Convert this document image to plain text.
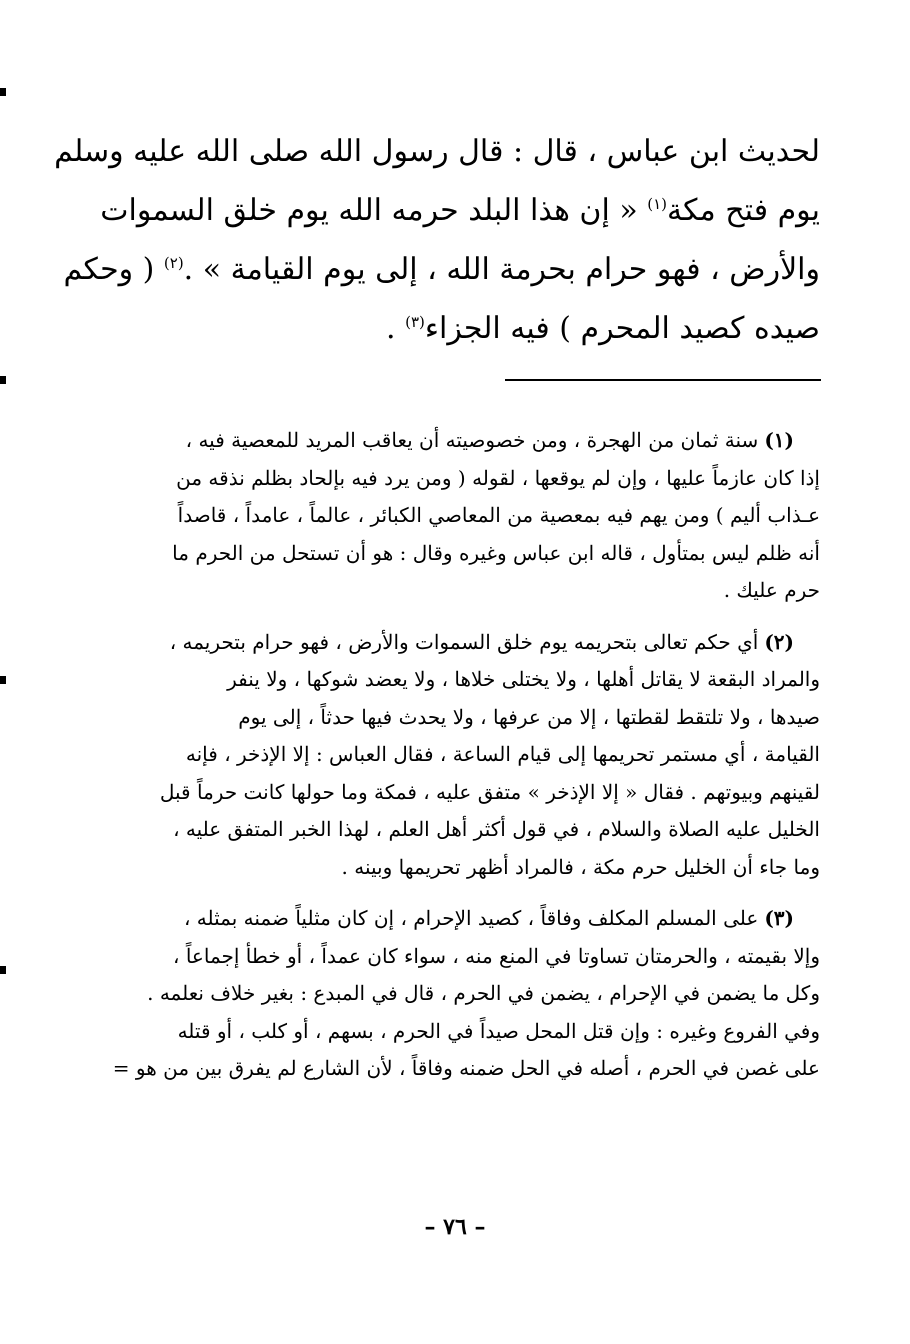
لحديث ابن عباس ، قال : قال رسول الله صلى الله عليه وسلم
يوم فتح مكة$^{(١)}$ « إن هذا البلد حرمه الله يوم خلق السموات
والأرض ، فهو حرام بحرمة الله ، إلى يوم القيامة » .$^{(٢)}$ ( وحكم
صيده كصيد المحرم ) فيه الجزاء$^{(٣)}$ .
(١)سنة ثمان من الهجرة ، ومن خصوصيته أن يعاقب المريد للمعصية فيه ،
إذا كان عازماً عليها ، وإن لم يوقعها ، لقوله ( ومن يرد فيه بإلحاد بظلم نذقه من
عـذاب أليم ) ومن يهم فيه بمعصية من المعاصي الكبائر ، عالماً ، عامداً ، قاصداً
أنه ظلم ليس بمتأول ، قاله ابن عباس وغيره وقال : هو أن تستحل من الحرم ما
حرم عليك .
(٢)أي حكم تعالى بتحريمه يوم خلق السموات والأرض ، فهو حرام بتحريمه ،
والمراد البقعة لا يقاتل أهلها ، ولا يختلى خلاها ، ولا يعضد شوكها ، ولا ينفر
صيدها ، ولا تلتقط لقطتها ، إلا من عرفها ، ولا يحدث فيها حدثاً ، إلى يوم
القيامة ، أي مستمر تحريمها إلى قيام الساعة ، فقال العباس : إلا الإذخر ، فإنه
لقينهم وبيوتهم . فقال « إلا الإذخر » متفق عليه ، فمكة وما حولها كانت حرماً قبل
الخليل عليه الصلاة والسلام ، في قول أكثر أهل العلم ، لهذا الخبر المتفق عليه ،
وما جاء أن الخليل حرم مكة ، فالمراد أظهر تحريمها وبينه .
(٣)على المسلم المكلف وفاقاً ، كصيد الإحرام ، إن كان مثلياً ضمنه بمثله ،
وإلا بقيمته ، والحرمتان تساوتا في المنع منه ، سواء كان عمداً ، أو خطأ إجماعاً ،
وكل ما يضمن في الإحرام ، يضمن في الحرم ، قال في المبدع : بغير خلاف نعلمه .
وفي الفروع وغيره : وإن قتل المحل صيداً في الحرم ، بسهم ، أو كلب ، أو قتله
على غصن في الحرم ، أصله في الحل ضمنه وفاقاً ، لأن الشارع لم يفرق بين من هو =
– ٧٦ –
